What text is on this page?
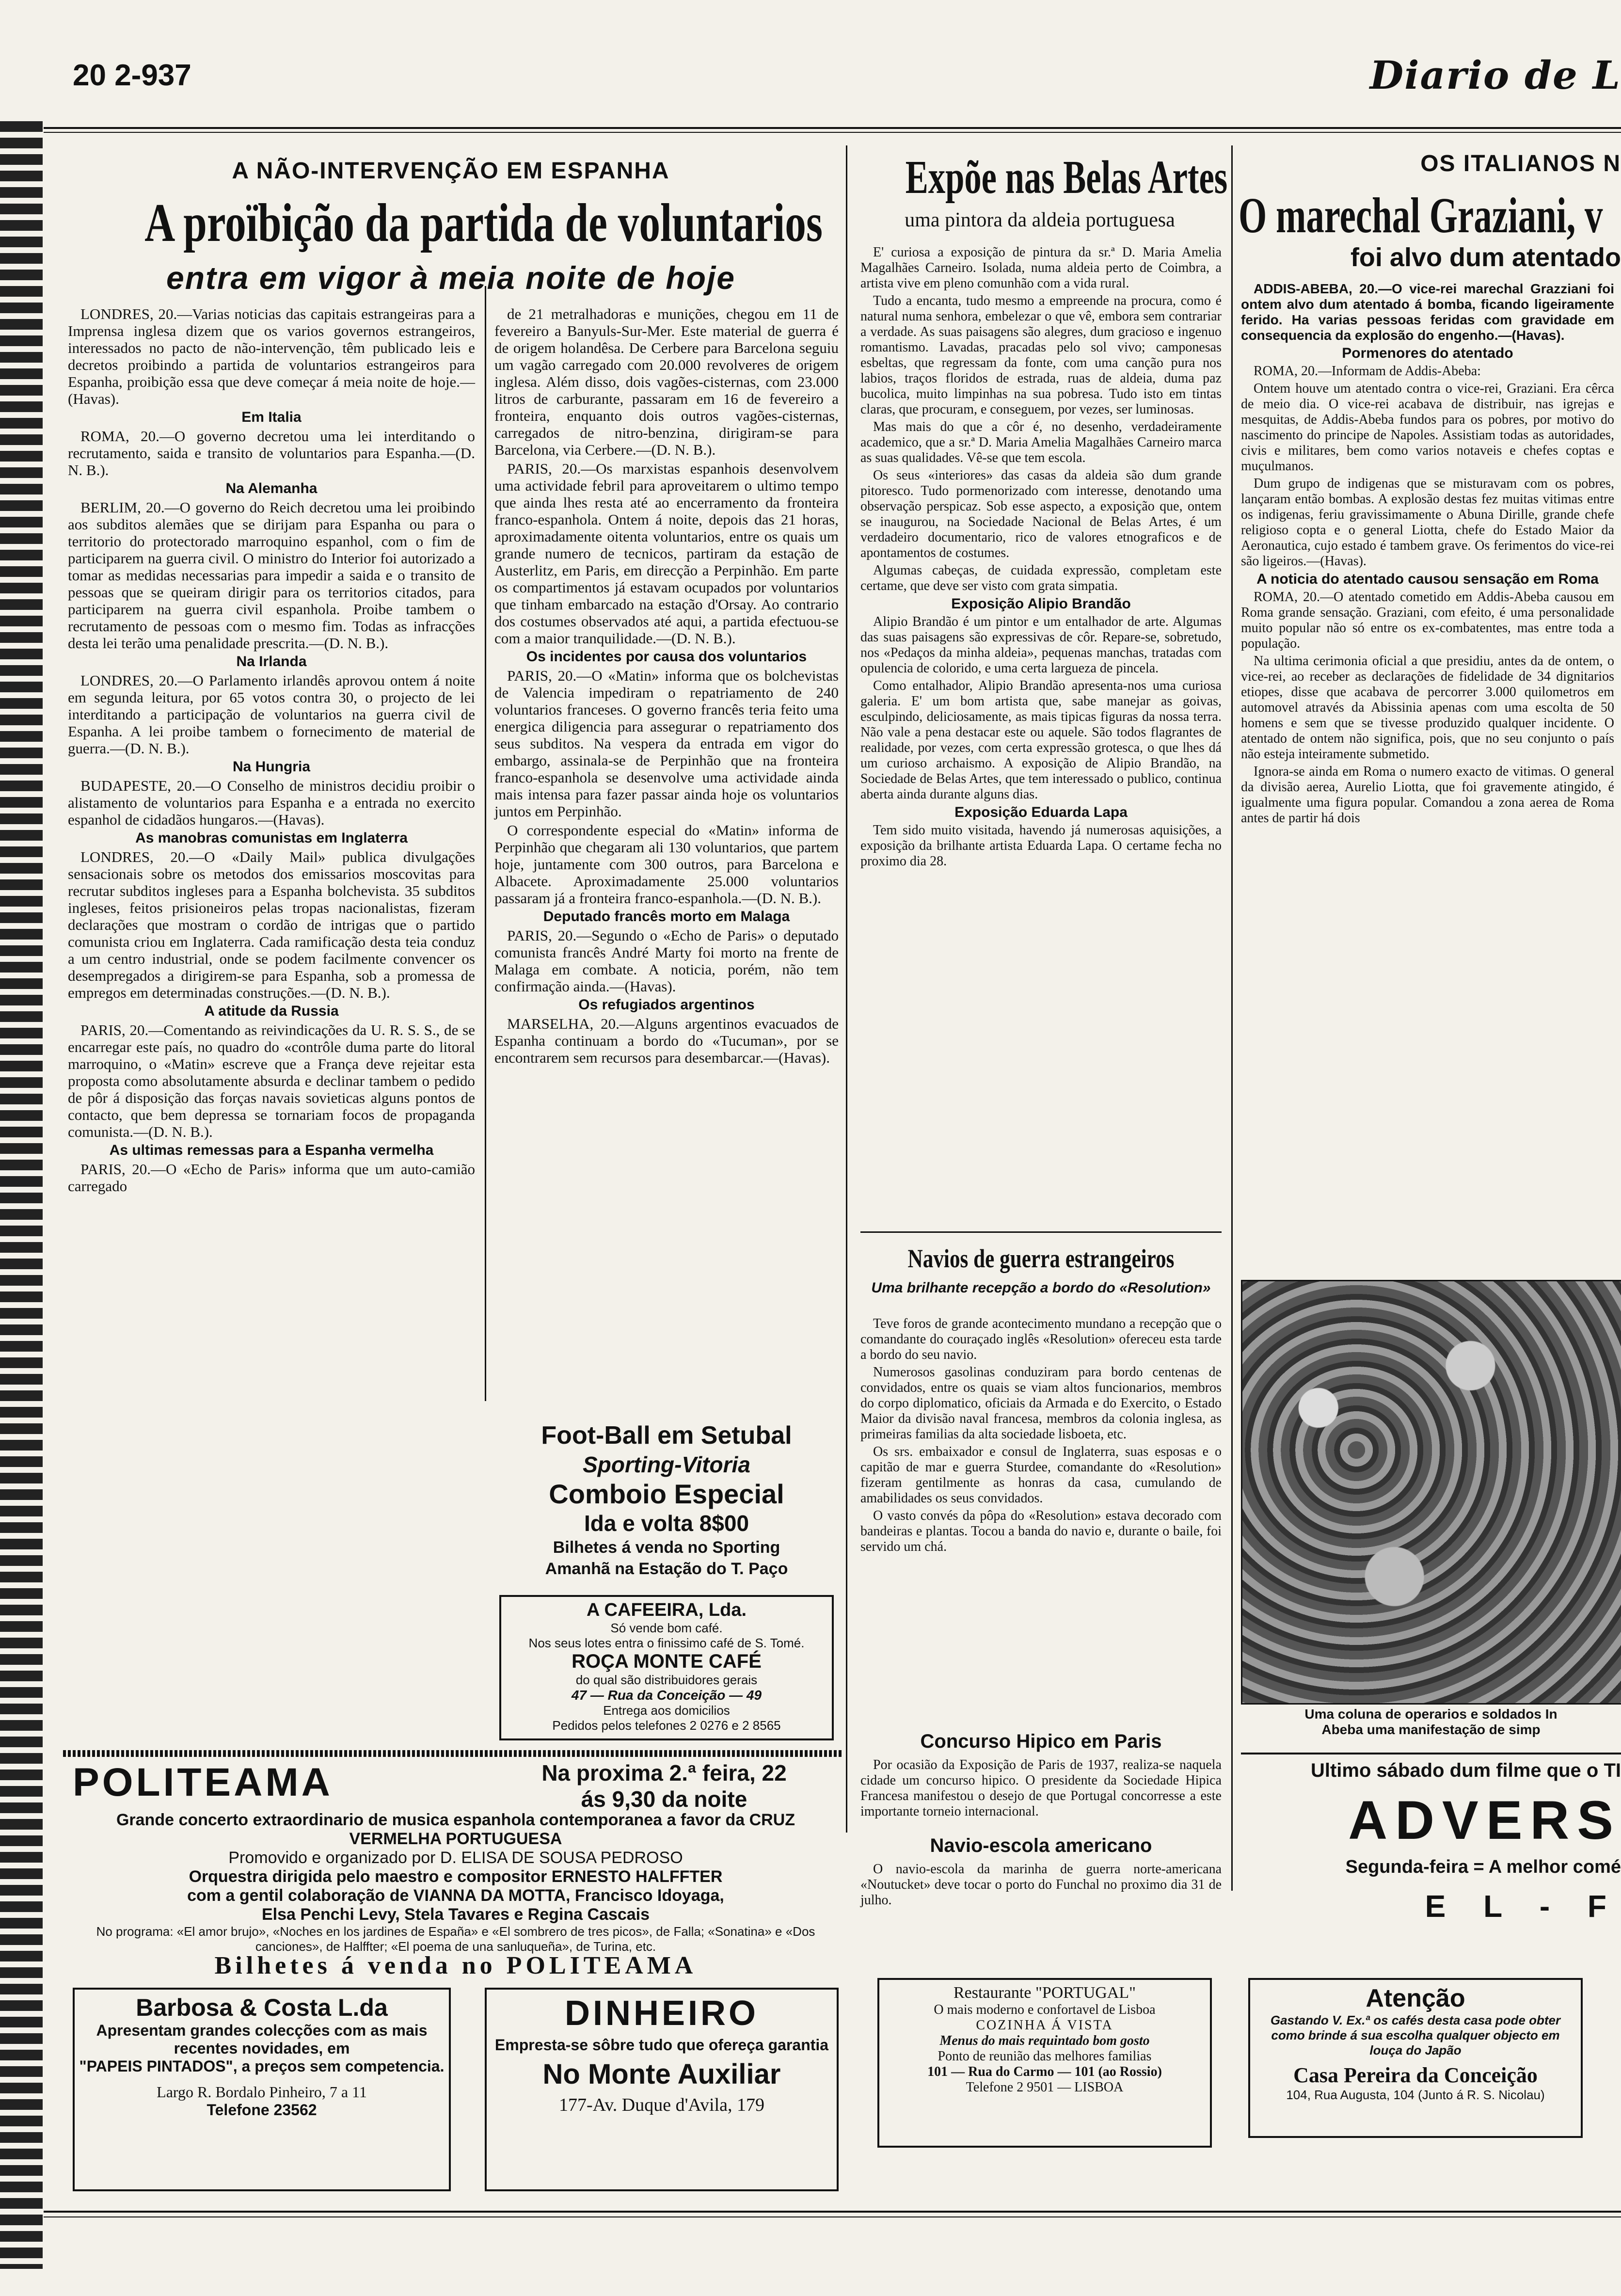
20 2-937	Diario de L
A NÃO-INTERVENÇÃO EM ESPANHA
A proïbição da partida de voluntarios
entra em vigor à meia noite de hoje

LONDRES, 20.—Varias noticias das capitais estrangeiras para a Imprensa inglesa dizem que os varios governos estrangeiros, interessados no pacto de não-intervenção, têm publicado leis e decretos proibindo a partida de voluntarios estrangeiros para Espanha, proibição essa que deve começar á meia noite de hoje.—(Havas).

Em Italia

ROMA, 20.—O governo decretou uma lei interditando o recrutamento, saida e transito de voluntarios para Espanha.—(D. N. B.).

Na Alemanha

BERLIM, 20.—O governo do Reich decretou uma lei proibindo aos subditos alemães que se dirijam para Espanha ou para o territorio do protectorado marroquino espanhol, com o fim de participarem na guerra civil. O ministro do Interior foi autorizado a tomar as medidas necessarias para impedir a saida e o transito de pessoas que se queiram dirigir para os territorios citados, para participarem na guerra civil espanhola. Proibe tambem o recrutamento de pessoas com o mesmo fim. Todas as infracções desta lei terão uma penalidade prescrita.—(D. N. B.).

Na Irlanda

LONDRES, 20.—O Parlamento irlandês aprovou ontem á noite em segunda leitura, por 65 votos contra 30, o projecto de lei interditando a participação de voluntarios na guerra civil de Espanha. A lei proibe tambem o fornecimento de material de guerra.—(D. N. B.).

Na Hungria

BUDAPESTE, 20.—O Conselho de ministros decidiu proibir o alistamento de voluntarios para Espanha e a entrada no exercito espanhol de cidadãos hungaros.—(Havas).

As manobras comunistas em Inglaterra

LONDRES, 20.—O «Daily Mail» publica divulgações sensacionais sobre os metodos dos emissarios moscovitas para recrutar subditos ingleses para a Espanha bolchevista. 35 subditos ingleses, feitos prisioneiros pelas tropas nacionalistas, fizeram declarações que mostram o cordão de intrigas que o partido comunista criou em Inglaterra. Cada ramificação desta teia conduz a um centro industrial, onde se podem facilmente convencer os desempregados a dirigirem-se para Espanha, sob a promessa de empregos em determinadas construções.—(D. N. B.).

A atitude da Russia

PARIS, 20.—Comentando as reivindicações da U. R. S. S., de se encarregar este país, no quadro do «contrôle duma parte do litoral marroquino, o «Matin» escreve que a França deve rejeitar esta proposta como absolutamente absurda e declinar tambem o pedido de pôr á disposição das forças navais sovieticas alguns pontos de contacto, que bem depressa se tornariam focos de propaganda comunista.—(D. N. B.).

As ultimas remessas para a Espanha vermelha

PARIS, 20.—O «Echo de Paris» informa que um auto-camião carregado

de 21 metralhadoras e munições, chegou em 11 de fevereiro a Banyuls-Sur-Mer. Este material de guerra é de origem holandêsa. De Cerbere para Barcelona seguiu um vagão carregado com 20.000 revolveres de origem inglesa. Além disso, dois vagões-cisternas, com 23.000 litros de carburante, passaram em 16 de fevereiro a fronteira, enquanto dois outros vagões-cisternas, carregados de nitro-benzina, dirigiram-se para Barcelona, via Cerbere.—(D. N. B.).

PARIS, 20.—Os marxistas espanhois desenvolvem uma actividade febril para aproveitarem o ultimo tempo que ainda lhes resta até ao encerramento da fronteira franco-espanhola. Ontem á noite, depois das 21 horas, aproximadamente oitenta voluntarios, entre os quais um grande numero de tecnicos, partiram da estação de Austerlitz, em Paris, em direcção a Perpinhão. Em parte os compartimentos já estavam ocupados por voluntarios que tinham embarcado na estação d'Orsay. Ao contrario dos costumes observados até aqui, a partida efectuou-se com a maior tranquilidade.—(D. N. B.).

Os incidentes por causa dos voluntarios

PARIS, 20.—O «Matin» informa que os bolchevistas de Valencia impediram o repatriamento de 240 voluntarios franceses. O governo francês teria feito uma energica diligencia para assegurar o repatriamento dos seus subditos. Na vespera da entrada em vigor do embargo, assinala-se de Perpinhão que na fronteira franco-espanhola se desenvolve uma actividade ainda mais intensa para fazer passar ainda hoje os voluntarios juntos em Perpinhão.

O correspondente especial do «Matin» informa de Perpinhão que chegaram ali 130 voluntarios, que partem hoje, juntamente com 300 outros, para Barcelona e Albacete. Aproximadamente 25.000 voluntarios passaram já a fronteira franco-espanhola.—(D. N. B.).

Deputado francês morto em Malaga

PARIS, 20.—Segundo o «Echo de Paris» o deputado comunista francês André Marty foi morto na frente de Malaga em combate. A noticia, porém, não tem confirmação ainda.—(Havas).

Os refugiados argentinos

MARSELHA, 20.—Alguns argentinos evacuados de Espanha continuam a bordo do «Tucuman», por se encontrarem sem recursos para desembarcar.—(Havas).

Foot-Ball em Setubal
Sporting-Vitoria
Comboio Especial
Ida e volta 8$00
Bilhetes á venda no Sporting
Amanhã na Estação do T. Paço
A CAFEEIRA, Lda.
Só vende bom café.
Nos seus lotes entra o finissimo café de S. Tomé.
ROÇA MONTE CAFÉ
do qual são distribuidores gerais
47 — Rua da Conceição — 49
Entrega aos domicilios
Pedidos pelos telefones 2 0276 e 2 8565
Expõe nas Belas Artes
uma pintora da aldeia portuguesa

E' curiosa a exposição de pintura da sr.ª D. Maria Amelia Magalhães Carneiro. Isolada, numa aldeia perto de Coimbra, a artista vive em pleno comunhão com a vida rural.

Tudo a encanta, tudo mesmo a empreende na procura, como é natural numa senhora, embelezar o que vê, embora sem contrariar a verdade. As suas paisagens são alegres, dum gracioso e ingenuo romantismo. Lavadas, pracadas pelo sol vivo; camponesas esbeltas, que regressam da fonte, com uma canção pura nos labios, traços floridos de estrada, ruas de aldeia, duma paz bucolica, muito limpinhas na sua pobresa. Tudo isto em tintas claras, que procuram, e conseguem, por vezes, ser luminosas.

Mas mais do que a côr é, no desenho, verdadeiramente academico, que a sr.ª D. Maria Amelia Magalhães Carneiro marca as suas qualidades. Vê-se que tem escola.

Os seus «interiores» das casas da aldeia são dum grande pitoresco. Tudo pormenorizado com interesse, denotando uma observação perspicaz. Sob esse aspecto, a exposição que, ontem se inaugurou, na Sociedade Nacional de Belas Artes, é um verdadeiro documentario, rico de valores etnograficos e de apontamentos de costumes.

Algumas cabeças, de cuidada expressão, completam este certame, que deve ser visto com grata simpatia.

Exposição Alipio Brandão

Alipio Brandão é um pintor e um entalhador de arte. Algumas das suas paisagens são expressivas de côr. Repare-se, sobretudo, nos «Pedaços da minha aldeia», pequenas manchas, tratadas com opulencia de colorido, e uma certa largueza de pincela.

Como entalhador, Alipio Brandão apresenta-nos uma curiosa galeria. E' um bom artista que, sabe manejar as goivas, esculpindo, deliciosamente, as mais tipicas figuras da nossa terra. Não vale a pena destacar este ou aquele. São todos flagrantes de realidade, por vezes, com certa expressão grotesca, o que lhes dá um curioso archaismo. A exposição de Alipio Brandão, na Sociedade de Belas Artes, que tem interessado o publico, continua aberta ainda durante alguns dias.

Exposição Eduarda Lapa

Tem sido muito visitada, havendo já numerosas aquisições, a exposição da brilhante artista Eduarda Lapa. O certame fecha no proximo dia 28.

Navios de guerra estrangeiros
Uma brilhante recepção a bordo do «Resolution»

Teve foros de grande acontecimento mundano a recepção que o comandante do couraçado inglês «Resolution» ofereceu esta tarde a bordo do seu navio.

Numerosos gasolinas conduziram para bordo centenas de convidados, entre os quais se viam altos funcionarios, membros do corpo diplomatico, oficiais da Armada e do Exercito, o Estado Maior da divisão naval francesa, membros da colonia inglesa, as primeiras familias da alta sociedade lisboeta, etc.

Os srs. embaixador e consul de Inglaterra, suas esposas e o capitão de mar e guerra Sturdee, comandante do «Resolution» fizeram gentilmente as honras da casa, cumulando de amabilidades os seus convidados.

O vasto convés da pôpa do «Resolution» estava decorado com bandeiras e plantas. Tocou a banda do navio e, durante o baile, foi servido um chá.

Concurso Hipico em Paris

Por ocasião da Exposição de Paris de 1937, realiza-se naquela cidade um concurso hipico. O presidente da Sociedade Hipica Francesa manifestou o desejo de que Portugal concorresse a este importante torneio internacional.

Navio-escola americano

O navio-escola da marinha de guerra norte-americana «Noutucket» deve tocar o porto do Funchal no proximo dia 31 de julho.

OS ITALIANOS N
O marechal Graziani, v
foi alvo dum atentado

ADDIS-ABEBA, 20.—O vice-rei marechal Grazziani foi ontem alvo dum atentado á bomba, ficando ligeiramente ferido. Ha varias pessoas feridas com gravidade em consequencia da explosão do engenho.—(Havas).

Pormenores do atentado

ROMA, 20.—Informam de Addis-Abeba:

Ontem houve um atentado contra o vice-rei, Graziani. Era cêrca de meio dia. O vice-rei acabava de distribuir, nas igrejas e mesquitas, de Addis-Abeba fundos para os pobres, por motivo do nascimento do principe de Napoles. Assistiam todas as autoridades, civis e militares, bem como varios notaveis e chefes coptas e muçulmanos.

Dum grupo de indigenas que se misturavam com os pobres, lançaram então bombas. A explosão destas fez muitas vitimas entre os indigenas, feriu gravissimamente o Abuna Dirille, grande chefe religioso copta e o general Liotta, chefe do Estado Maior da Aeronautica, cujo estado é tambem grave. Os ferimentos do vice-rei são ligeiros.—(Havas).

A noticia do atentado causou sensação em Roma

ROMA, 20.—O atentado cometido em Addis-Abeba causou em Roma grande sensação. Graziani, com efeito, é uma personalidade muito popular não só entre os ex-combatentes, mas entre toda a população.

Na ultima cerimonia oficial a que presidiu, antes da de ontem, o vice-rei, ao receber as declarações de fidelidade de 34 dignitarios etiopes, disse que acabava de percorrer 3.000 quilometros em automovel através da Abissinia apenas com uma escolta de 50 homens e sem que se tivesse produzido qualquer incidente. O atentado de ontem não significa, pois, que no seu conjunto o país não esteja inteiramente submetido.

Ignora-se ainda em Roma o numero exacto de vitimas. O general da divisão aerea, Aurelio Liotta, que foi gravemente atingido, é igualmente uma figura popular. Comandou a zona aerea de Roma antes de partir há dois

Uma coluna de operarios e soldados In
Abeba uma manifestação de simp
Ultimo sábado dum filme que o TI
ADVERS
Segunda-feira = A melhor comé
E L - F
Atenção
Gastando V. Ex.ª os cafés desta casa pode obter como brinde á sua escolha qualquer objecto em louça do Japão
Casa Pereira da Conceição
104, Rua Augusta, 104 (Junto á R. S. Nicolau)
POLITEAMA	Na proxima 2.ª feira, 22
ás 9,30 da noite
Grande concerto extraordinario de musica espanhola contemporanea a favor da CRUZ VERMELHA PORTUGUESA
Promovido e organizado por D. ELISA DE SOUSA PEDROSO
Orquestra dirigida pelo maestro e compositor ERNESTO HALFFTER
com a gentil colaboração de VIANNA DA MOTTA, Francisco Idoyaga,
Elsa Penchi Levy, Stela Tavares e Regina Cascais
No programa: «El amor brujo», «Noches en los jardines de España» e «El sombrero de tres picos», de Falla; «Sonatina» e «Dos canciones», de Halffter; «El poema de una sanluqueña», de Turina, etc.
Bilhetes á venda no POLITEAMA
Barbosa & Costa L.da
Apresentam grandes colecções com as mais recentes novidades, em
"PAPEIS PINTADOS", a preços sem competencia.
Largo R. Bordalo Pinheiro, 7 a 11
Telefone 23562
DINHEIRO
Empresta-se sôbre tudo que ofereça garantia
No Monte Auxiliar
177-Av. Duque d'Avila, 179
Restaurante "PORTUGAL"
O mais moderno e confortavel de Lisboa
COZINHA Á VISTA
Menus do mais requintado bom gosto
Ponto de reunião das melhores familias
101 — Rua do Carmo — 101 (ao Rossio)
Telefone 2 9501 — LISBOA
